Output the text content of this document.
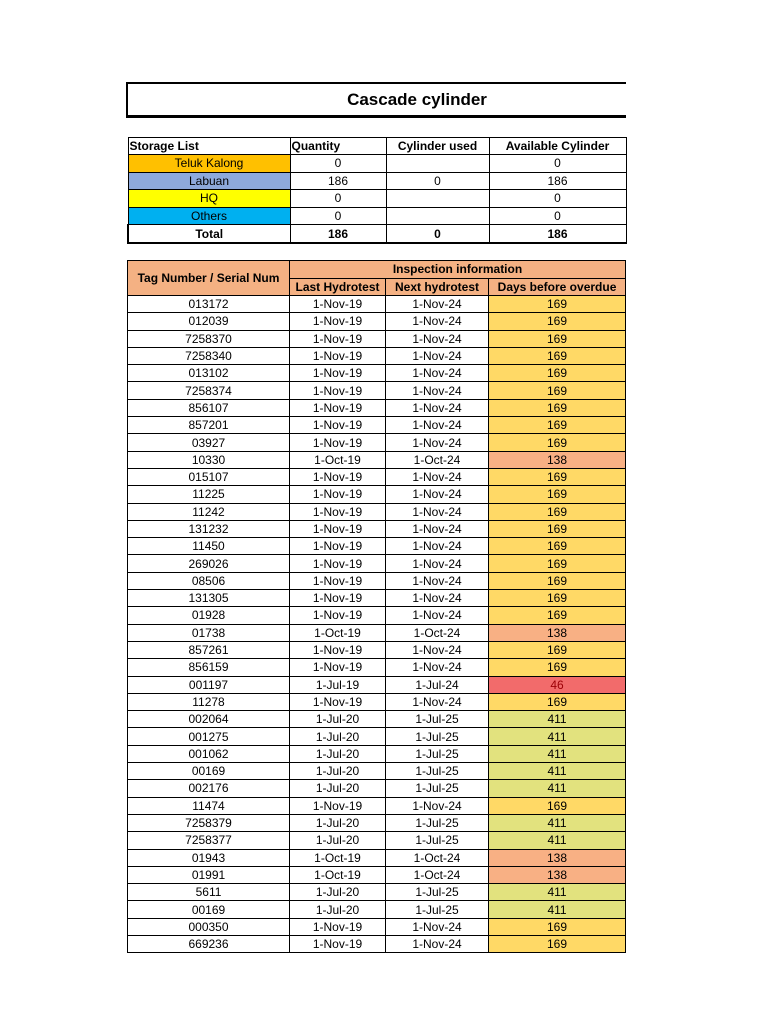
Cascade cylinder
Storage List	Quantity	Cylinder used	Available Cylinder
Teluk Kalong	0		0
Labuan	186	0	186
HQ	0		0
Others	0		0
Total	186	0	186
Tag Number / Serial Num	Inspection information		
	Last Hydrotest	Next hydrotest	Days before overdue
013172	1-Nov-19	1-Nov-24	169
012039	1-Nov-19	1-Nov-24	169
7258370	1-Nov-19	1-Nov-24	169
7258340	1-Nov-19	1-Nov-24	169
013102	1-Nov-19	1-Nov-24	169
7258374	1-Nov-19	1-Nov-24	169
856107	1-Nov-19	1-Nov-24	169
857201	1-Nov-19	1-Nov-24	169
03927	1-Nov-19	1-Nov-24	169
10330	1-Oct-19	1-Oct-24	138
015107	1-Nov-19	1-Nov-24	169
11225	1-Nov-19	1-Nov-24	169
11242	1-Nov-19	1-Nov-24	169
131232	1-Nov-19	1-Nov-24	169
11450	1-Nov-19	1-Nov-24	169
269026	1-Nov-19	1-Nov-24	169
08506	1-Nov-19	1-Nov-24	169
131305	1-Nov-19	1-Nov-24	169
01928	1-Nov-19	1-Nov-24	169
01738	1-Oct-19	1-Oct-24	138
857261	1-Nov-19	1-Nov-24	169
856159	1-Nov-19	1-Nov-24	169
001197	1-Jul-19	1-Jul-24	46
11278	1-Nov-19	1-Nov-24	169
002064	1-Jul-20	1-Jul-25	411
001275	1-Jul-20	1-Jul-25	411
001062	1-Jul-20	1-Jul-25	411
00169	1-Jul-20	1-Jul-25	411
002176	1-Jul-20	1-Jul-25	411
11474	1-Nov-19	1-Nov-24	169
7258379	1-Jul-20	1-Jul-25	411
7258377	1-Jul-20	1-Jul-25	411
01943	1-Oct-19	1-Oct-24	138
01991	1-Oct-19	1-Oct-24	138
5611	1-Jul-20	1-Jul-25	411
00169	1-Jul-20	1-Jul-25	411
000350	1-Nov-19	1-Nov-24	169
669236	1-Nov-19	1-Nov-24	169
